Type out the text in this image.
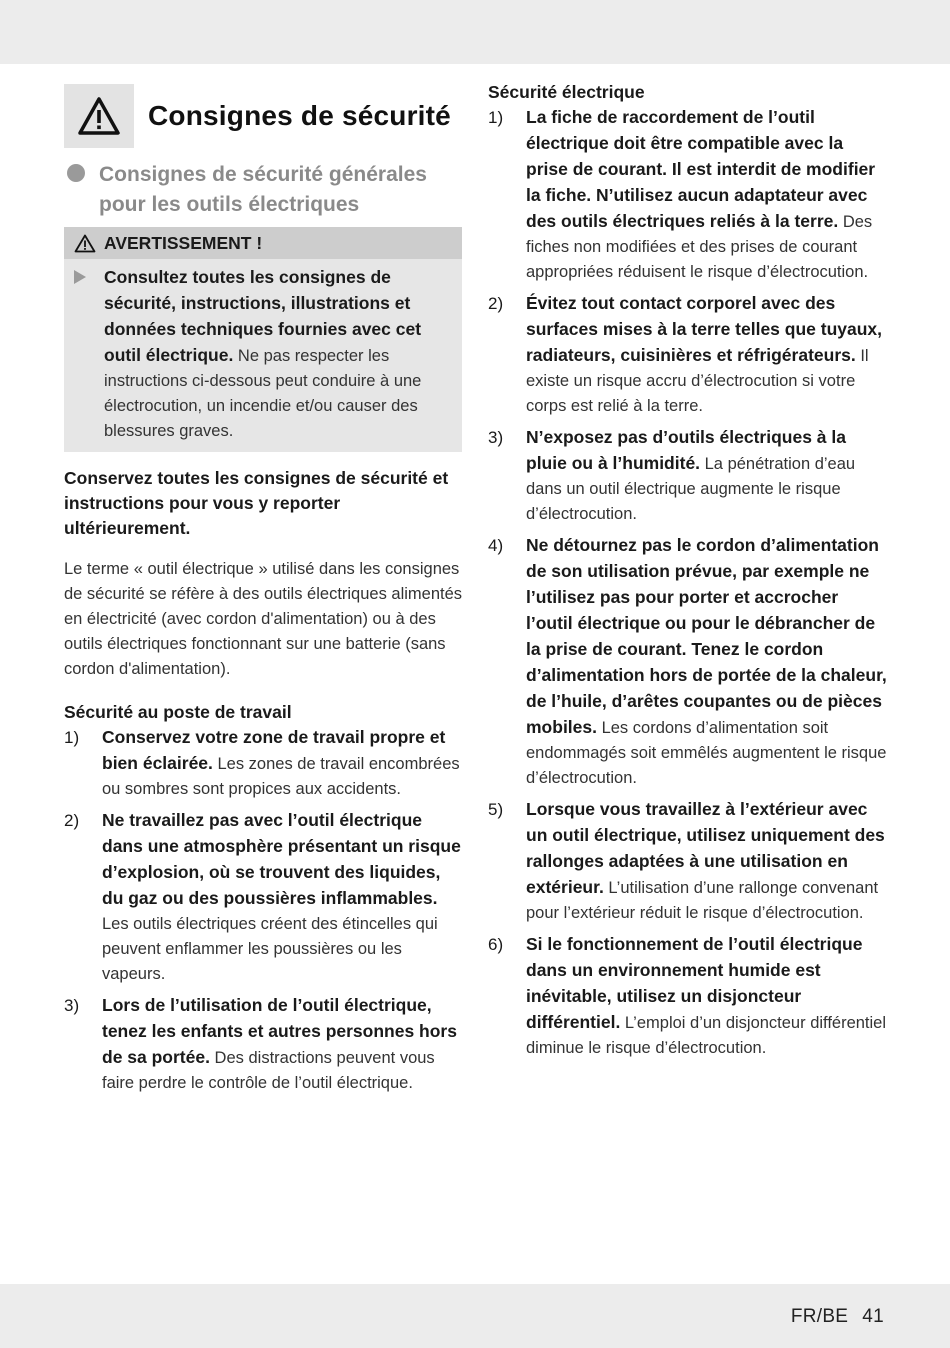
Consignes de sécurité
Consignes de sécurité générales pour les outils électriques
AVERTISSEMENT !
Consultez toutes les consignes de sécurité, instructions, illustrations et données techniques fournies avec cet outil électrique. Ne pas respecter les instructions ci-dessous peut conduire à une électrocution, un incendie et/ou causer des blessures graves.
Conservez toutes les consignes de sécurité et instructions pour vous y reporter ultérieurement.
Le terme « outil électrique » utilisé dans les consignes de sécurité se réfère à des outils électriques alimentés en électricité (avec cordon d'alimentation) ou à des outils électriques fonctionnant sur une batterie (sans cordon d'alimentation).
Sécurité au poste de travail
1)	Conservez votre zone de travail propre et bien éclairée. Les zones de travail encombrées ou sombres sont propices aux accidents.
2)	Ne travaillez pas avec l’outil électrique dans une atmosphère présentant un risque d’explosion, où se trouvent des liquides, du gaz ou des poussières inflammables. Les outils électriques créent des étincelles qui peuvent enflammer les poussières ou les vapeurs.
3)	Lors de l’utilisation de l’outil électrique, tenez les enfants et autres personnes hors de sa portée. Des distractions peuvent vous faire perdre le contrôle de l’outil électrique.
Sécurité électrique
1)	La fiche de raccordement de l’outil électrique doit être compatible avec la prise de courant. Il est interdit de modifier la fiche. N’utilisez aucun adaptateur avec des outils électriques reliés à la terre. Des fiches non modifiées et des prises de courant appropriées réduisent le risque d’électrocution.
2)	Évitez tout contact corporel avec des surfaces mises à la terre telles que tuyaux, radiateurs, cuisinières et réfrigérateurs. Il existe un risque accru d’électrocution si votre corps est relié à la terre.
3)	N’exposez pas d’outils électriques à la pluie ou à l’humidité. La pénétration d’eau dans un outil électrique augmente le risque d’électrocution.
4)	Ne détournez pas le cordon d’alimentation de son utilisation prévue, par exemple ne l’utilisez pas pour porter et accrocher l’outil électrique ou pour le débrancher de la prise de courant. Tenez le cordon d’alimentation hors de portée de la chaleur, de l’huile, d’arêtes coupantes ou de pièces mobiles. Les cordons d’alimentation soit endommagés soit emmêlés augmentent le risque d’électrocution.
5)	Lorsque vous travaillez à l’extérieur avec un outil électrique, utilisez uniquement des rallonges adaptées à une utilisation en extérieur. L’utilisation d’une rallonge convenant pour l’extérieur réduit le risque d’électrocution.
6)	Si le fonctionnement de l’outil électrique dans un environnement humide est inévitable, utilisez un disjoncteur différentiel. L’emploi d’un disjoncteur différentiel diminue le risque d’électrocution.
FR/BE 41
